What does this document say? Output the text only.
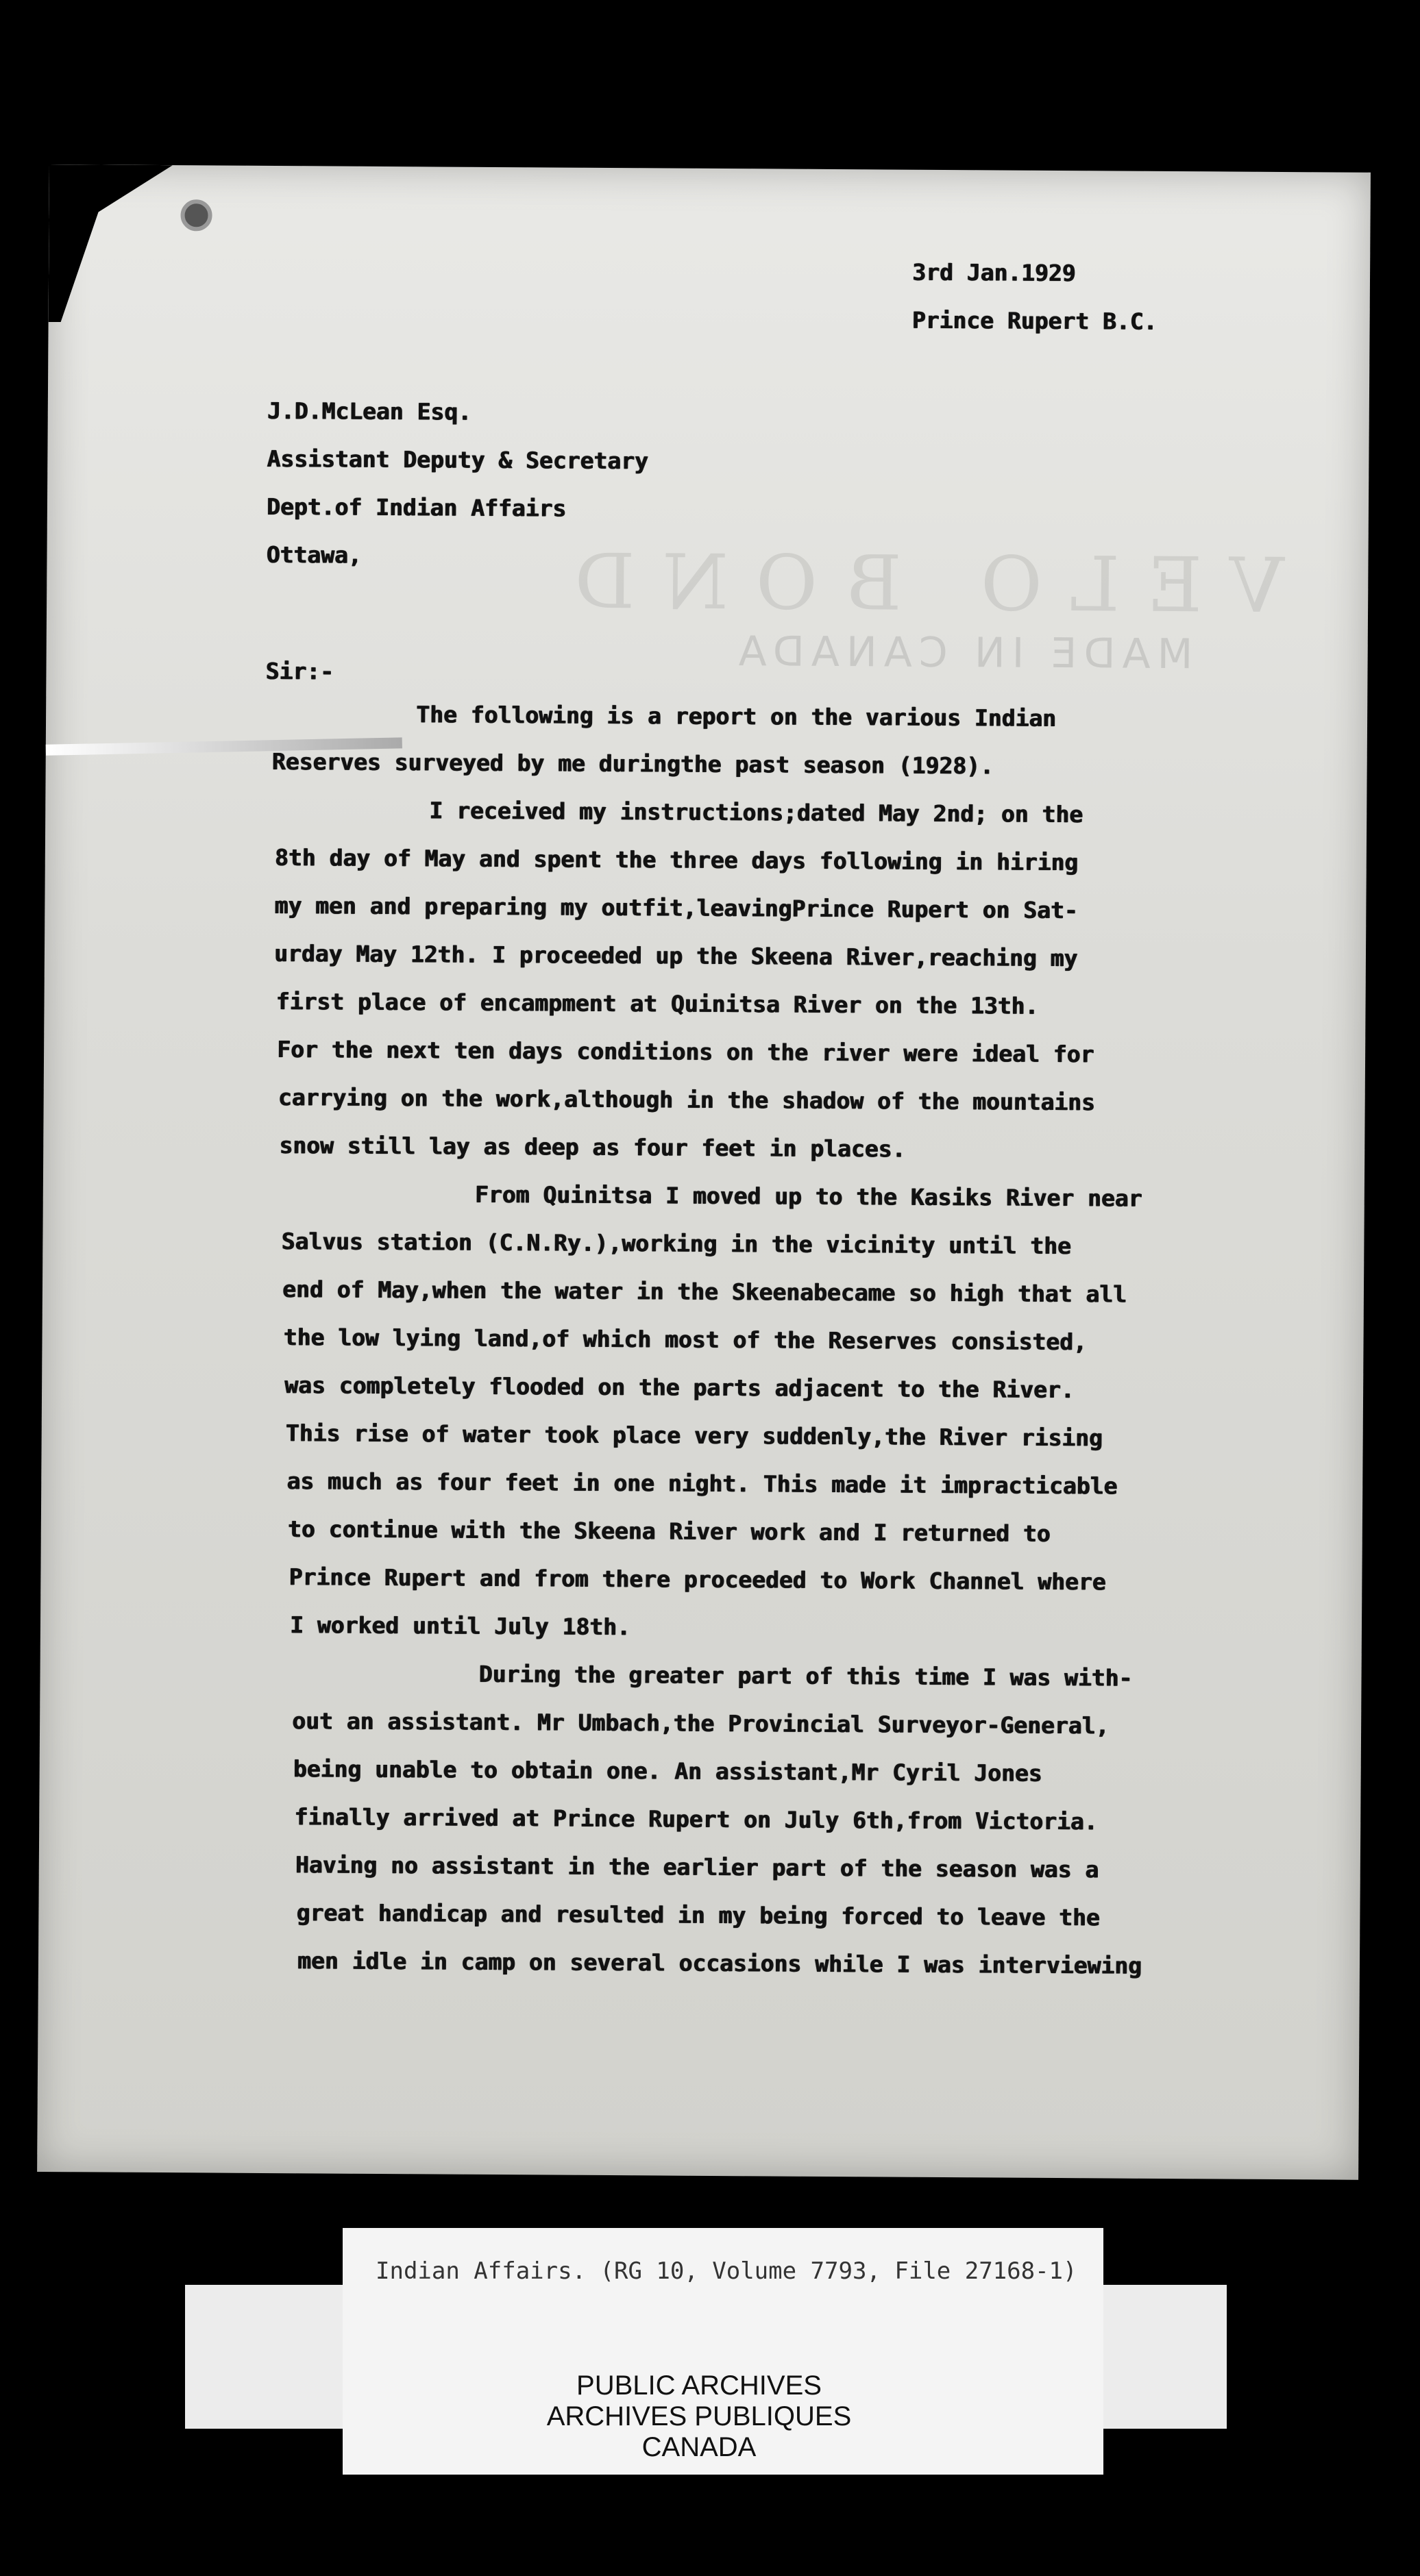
VELO BOND
MADE IN CANADA
3rd Jan.1929
Prince Rupert B.C.
J.D.McLean Esq.
Assistant Deputy & Secretary
Dept.of Indian Affairs
Ottawa,
Sir:-
The following is a report on the various Indian
Reserves surveyed by me duringthe past season (1928).
I received my instructions;dated May 2nd; on the
8th day of May and spent the three days following in hiring
my men and preparing my outfit,leavingPrince Rupert on Sat-
urday May 12th. I proceeded up the Skeena River,reaching my
first place of encampment at Quinitsa River on the 13th.
For the next ten days conditions on the river were ideal for
carrying on the work,although in the shadow of the mountains
snow still lay as deep as four feet in places.
From Quinitsa I moved up to the Kasiks River near
Salvus station (C.N.Ry.),working in the vicinity until the
end of May,when the water in the Skeenabecame so high that all
the low lying land,of which most of the Reserves consisted,
was completely flooded on the parts adjacent to the River.
This rise of water took place very suddenly,the River rising
as much as four feet in one night. This made it impracticable
to continue with the Skeena River work and I returned to
Prince Rupert and from there proceeded to Work Channel where
I worked until July 18th.
During the greater part of this time I was with-
out an assistant. Mr Umbach,the Provincial Surveyor-General,
being unable to obtain one. An assistant,Mr Cyril Jones
finally arrived at Prince Rupert on July 6th,from Victoria.
Having no assistant in the earlier part of the season was a
great handicap and resulted in my being forced to leave the
men idle in camp on several occasions while I was interviewing
Indian Affairs. (RG 10, Volume 7793, File 27168-1)
PUBLIC ARCHIVES
ARCHIVES PUBLIQUES
CANADA
